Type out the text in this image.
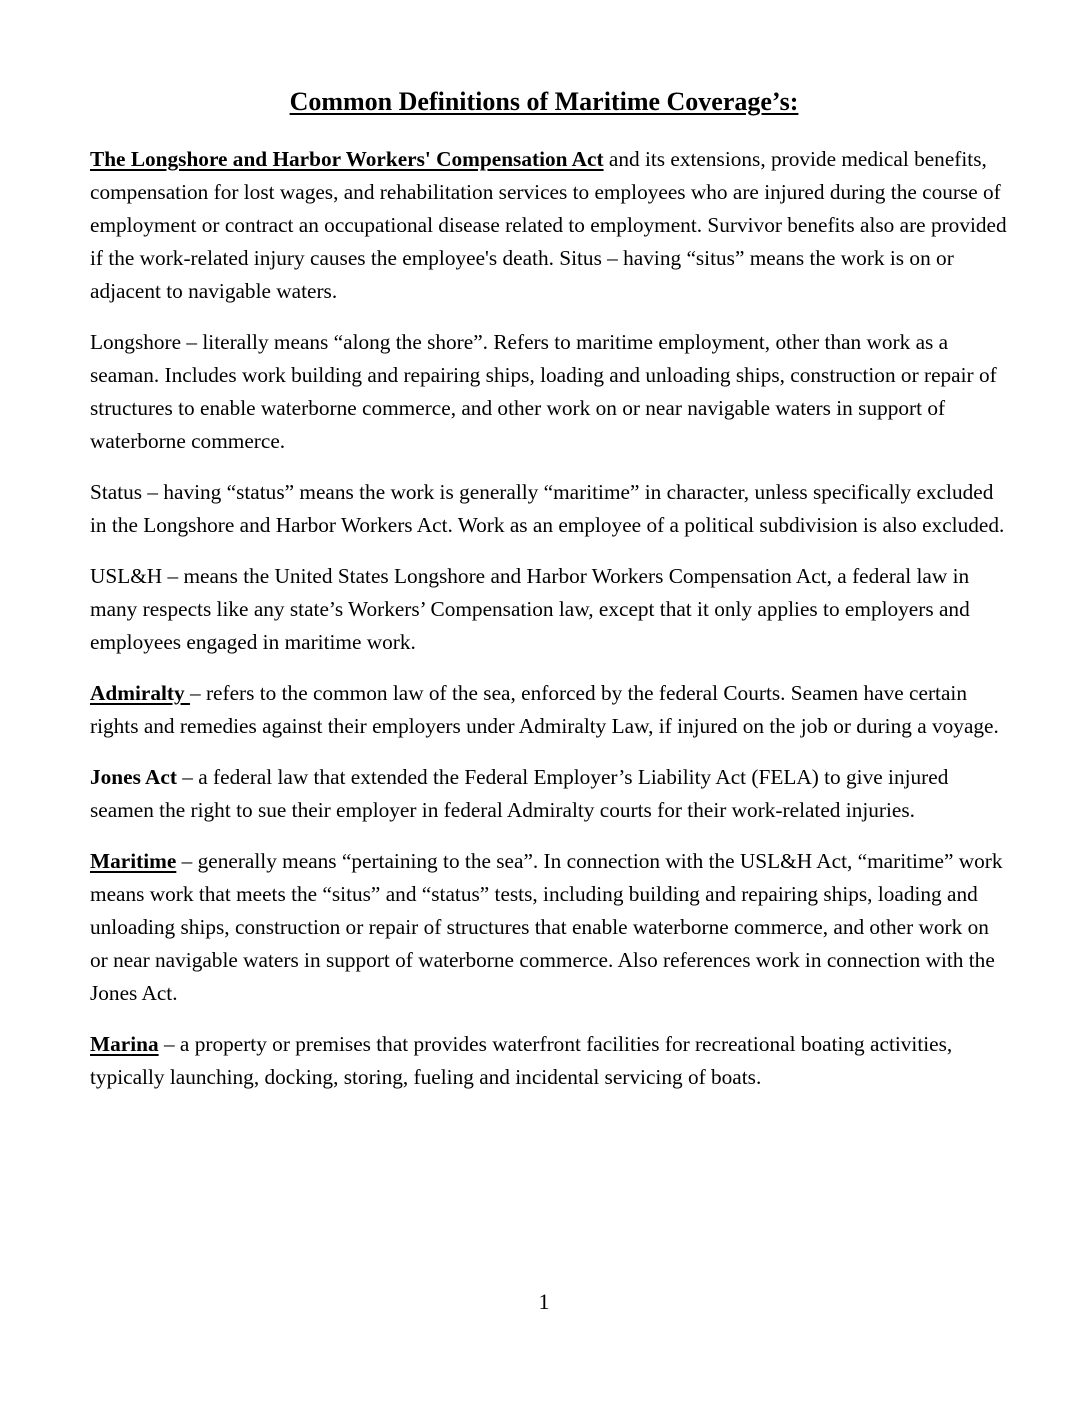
Common Definitions of Maritime Coverage’s:

The Longshore and Harbor Workers' Compensation Act and its extensions, provide medical benefits, compensation for lost wages, and rehabilitation services to employees who are injured during the course of employment or contract an occupational disease related to employment. Survivor benefits also are provided if the work-related injury causes the employee's death. Situs – having “situs” means the work is on or adjacent to navigable waters.

Longshore – literally means “along the shore”. Refers to maritime employment, other than work as a seaman. Includes work building and repairing ships, loading and unloading ships, construction or repair of structures to enable waterborne commerce, and other work on or near navigable waters in support of waterborne commerce.

Status – having “status” means the work is generally “maritime” in character, unless specifically excluded in the Longshore and Harbor Workers Act. Work as an employee of a political subdivision is also excluded.

USL&H – means the United States Longshore and Harbor Workers Compensation Act, a federal law in many respects like any state’s Workers’ Compensation law, except that it only applies to employers and employees engaged in maritime work.

Admiralty – refers to the common law of the sea, enforced by the federal Courts. Seamen have certain rights and remedies against their employers under Admiralty Law, if injured on the job or during a voyage.

Jones Act – a federal law that extended the Federal Employer’s Liability Act (FELA) to give injured seamen the right to sue their employer in federal Admiralty courts for their work-related injuries.

Maritime – generally means “pertaining to the sea”. In connection with the USL&H Act, “maritime” work means work that meets the “situs” and “status” tests, including building and repairing ships, loading and unloading ships, construction or repair of structures that enable waterborne commerce, and other work on or near navigable waters in support of waterborne commerce. Also references work in connection with the Jones Act.

Marina – a property or premises that provides waterfront facilities for recreational boating activities, typically launching, docking, storing, fueling and incidental servicing of boats.

1
